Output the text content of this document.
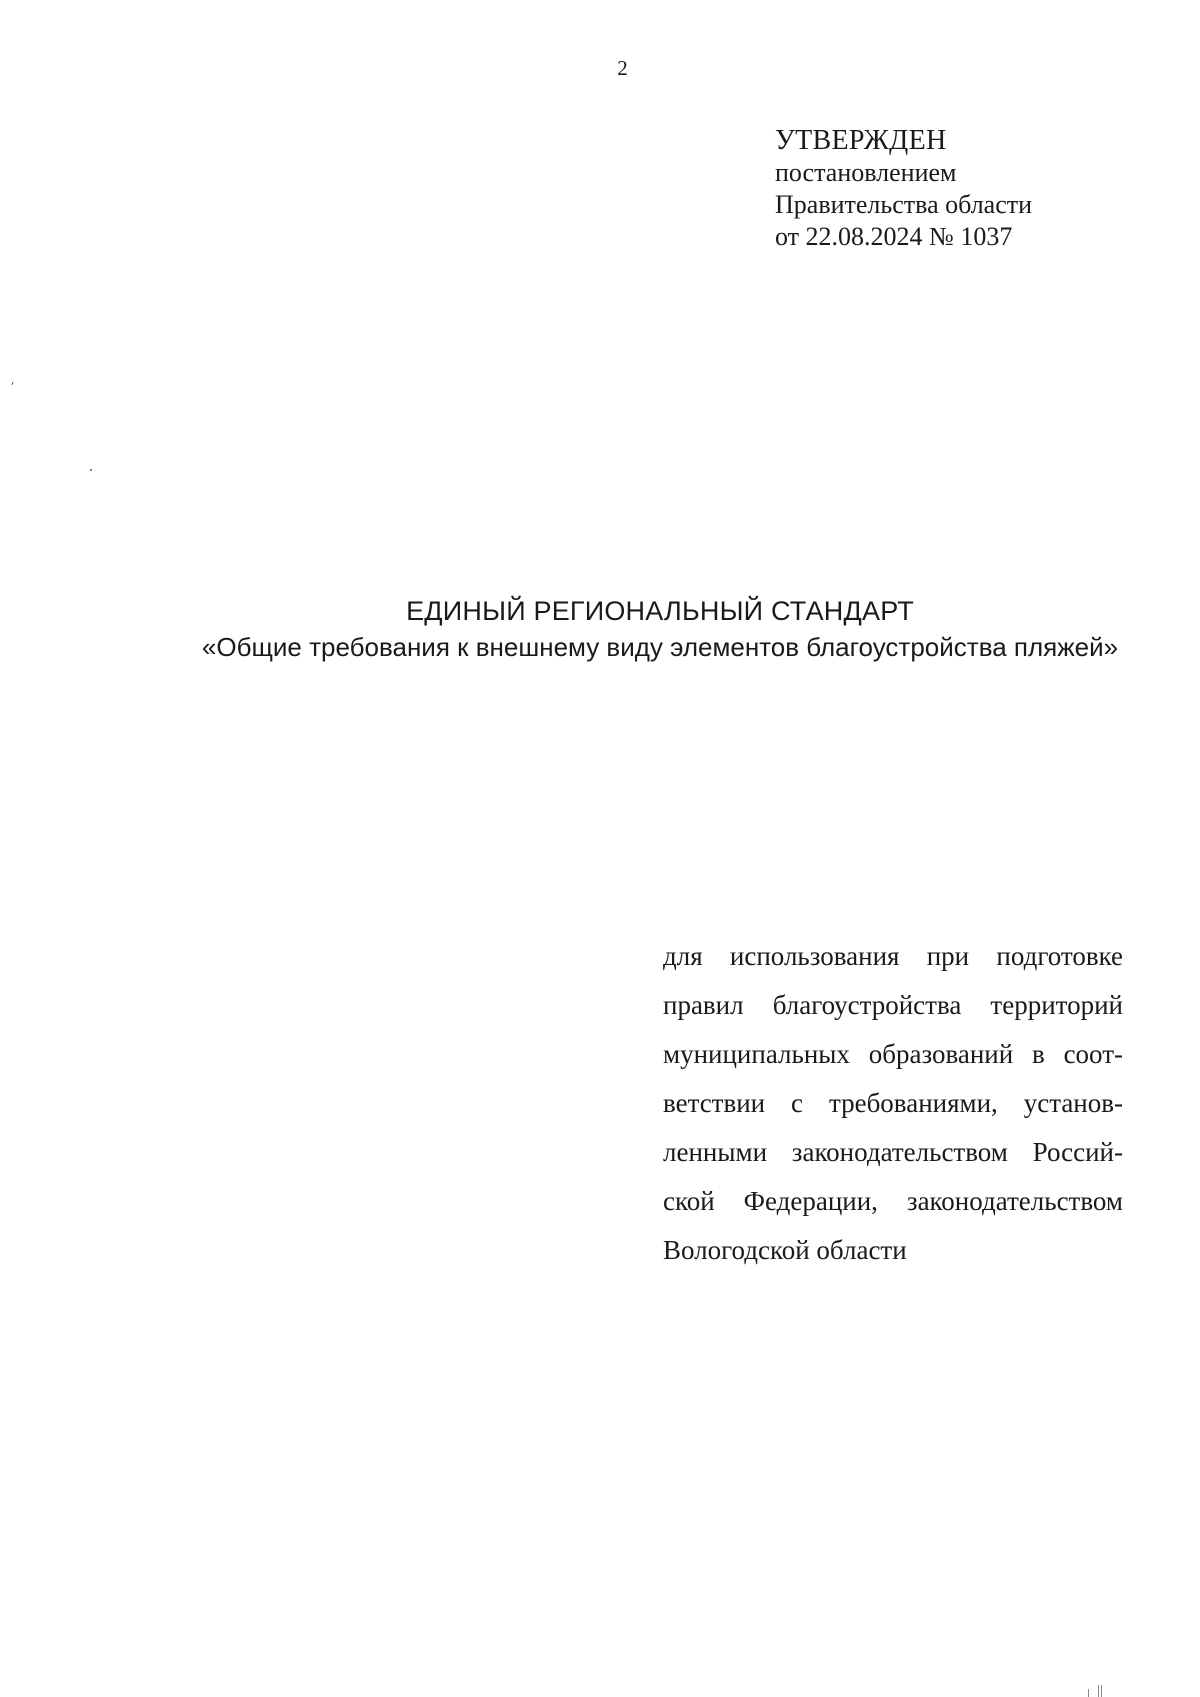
2
УТВЕРЖДЕН
постановлением
Правительства области
от 22.08.2024 № 1037
ЕДИНЫЙ РЕГИОНАЛЬНЫЙ СТАНДАРТ
«Общие требования к внешнему виду элементов благоустройства пляжей»
для использования при подготовке
правил благоустройства территорий
муниципальных образований в соот-
ветствии с требованиями, установ-
ленными законодательством Россий-
ской Федерации, законодательством
Вологодской области
